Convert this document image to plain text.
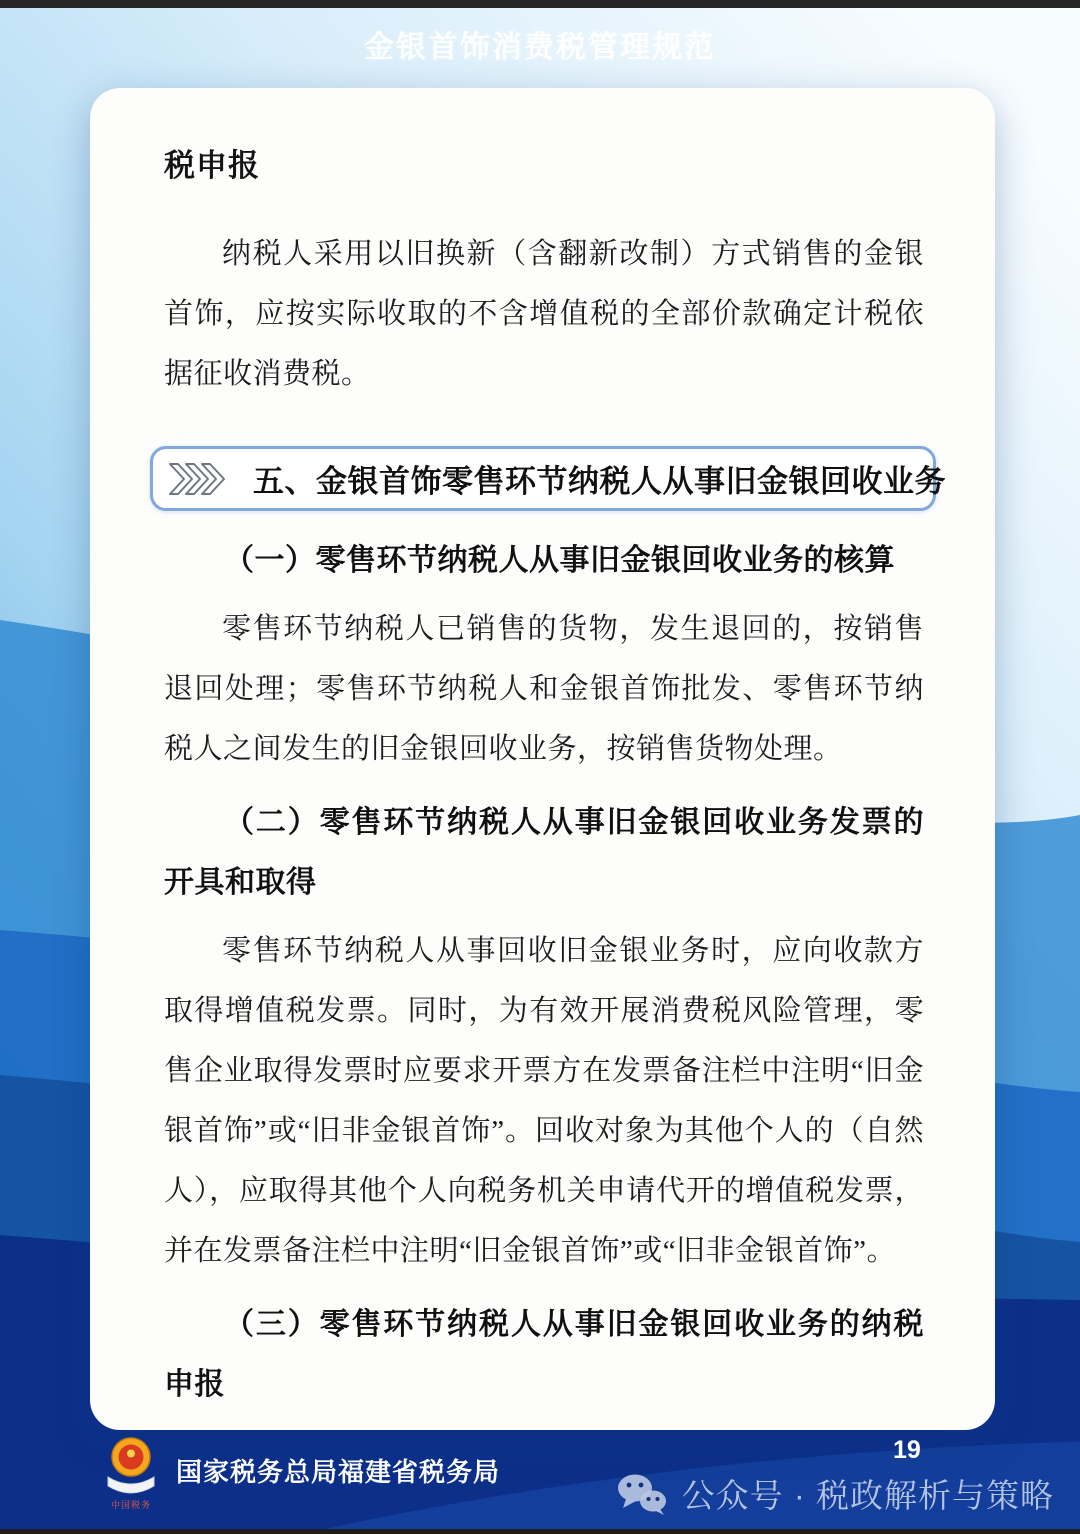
金银首饰消费税管理规范
税申报

纳税人采用以旧换新（含翻新改制）方式销售的金银首饰，应按实际收取的不含增值税的全部价款确定计税依据征收消费税。

五、金银首饰零售环节纳税人从事旧金银回收业务
（一）零售环节纳税人从事旧金银回收业务的核算

零售环节纳税人已销售的货物，发生退回的，按销售退回处理；零售环节纳税人和金银首饰批发、零售环节纳税人之间发生的旧金银回收业务，按销售货物处理。

（二）零售环节纳税人从事旧金银回收业务发票的开具和取得

零售环节纳税人从事回收旧金银业务时，应向收款方取得增值税发票。同时，为有效开展消费税风险管理，零售企业取得发票时应要求开票方在发票备注栏中注明“旧金银首饰”或“旧非金银首饰”。回收对象为其他个人的（自然人），应取得其他个人向税务机关申请代开的增值税发票，并在发票备注栏中注明“旧金银首饰”或“旧非金银首饰”。

（三）零售环节纳税人从事旧金银回收业务的纳税申报

中国税务
国家税务总局福建省税务局
19
公众号 · 税政解析与策略
